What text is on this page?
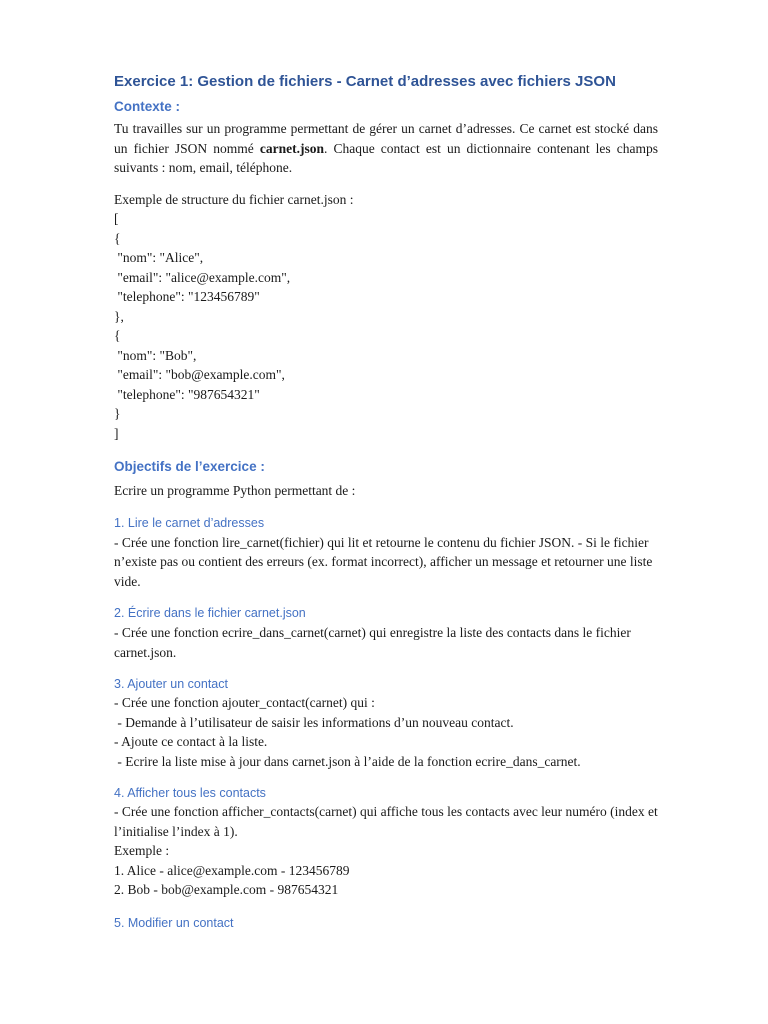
Exercice 1: Gestion de fichiers - Carnet d’adresses avec fichiers JSON

Contexte :

Tu travailles sur un programme permettant de gérer un carnet d’adresses. Ce carnet est stocké dans un fichier JSON nommé carnet.json. Chaque contact est un dictionnaire contenant les champs suivants : nom, email, téléphone.

Exemple de structure du fichier carnet.json :

[

{

"nom": "Alice",

"email": "alice@example.com",

"telephone": "123456789"

},

{

"nom": "Bob",

"email": "bob@example.com",

"telephone": "987654321"

}

]

Objectifs de l’exercice :

Ecrire un programme Python permettant de :

1. Lire le carnet d’adresses

- Crée une fonction lire_carnet(fichier) qui lit et retourne le contenu du fichier JSON. - Si le fichier n’existe pas ou contient des erreurs (ex. format incorrect), afficher un message et retourner une liste vide.

2. Écrire dans le fichier carnet.json

- Crée une fonction ecrire_dans_carnet(carnet) qui enregistre la liste des contacts dans le fichier carnet.json.

3. Ajouter un contact

- Crée une fonction ajouter_contact(carnet) qui :

- Demande à l’utilisateur de saisir les informations d’un nouveau contact.

- Ajoute ce contact à la liste.

- Ecrire la liste mise à jour dans carnet.json à l’aide de la fonction ecrire_dans_carnet.

4. Afficher tous les contacts

- Crée une fonction afficher_contacts(carnet) qui affiche tous les contacts avec leur numéro (index et l’initialise l’index à 1).

Exemple :

1. Alice - alice@example.com - 123456789

2. Bob - bob@example.com - 987654321

5. Modifier un contact
